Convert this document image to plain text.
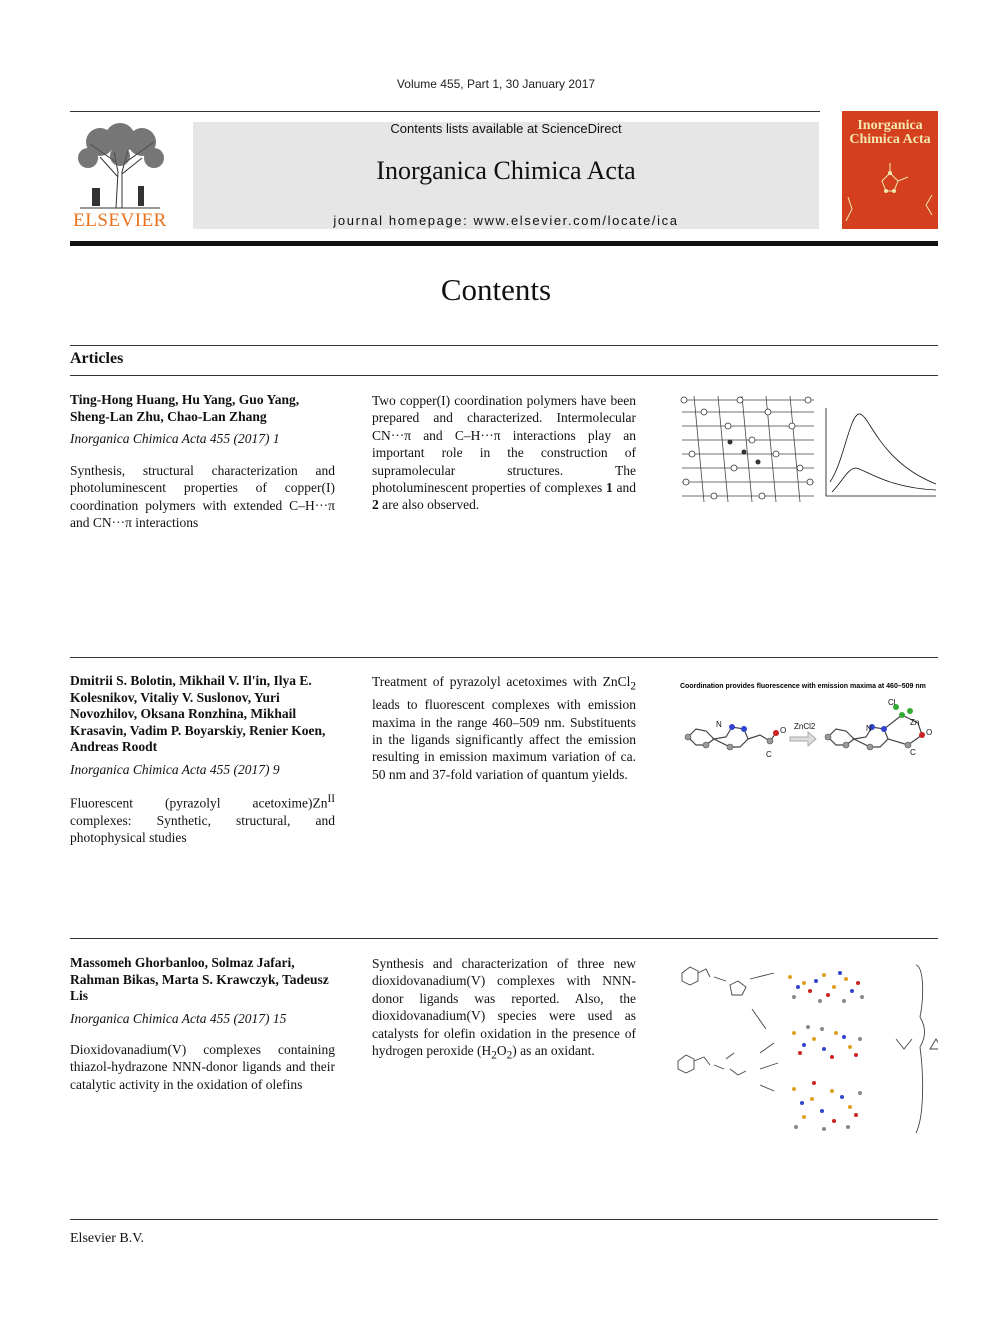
Volume 455, Part 1, 30 January 2017
ELSEVIER
Contents lists available at ScienceDirect
Inorganica Chimica Acta
journal homepage: www.elsevier.com/locate/ica
Inorganica
Chimica Acta
Contents
Articles
Ting-Hong Huang, Hu Yang, Guo Yang, Sheng-Lan Zhu, Chao-Lan Zhang
Inorganica Chimica Acta 455 (2017) 1
Synthesis, structural characterization and photoluminescent properties of copper(I) coordination polymers with extended C–H···π and CN···π interactions
Two copper(I) coordination polymers have been prepared and characterized. Intermolecular CN···π and C–H···π interactions play an important role in the construction of supramolecular structures. The photoluminescent properties of complexes 1 and 2 are also observed.
Dmitrii S. Bolotin, Mikhail V. Il'in, Ilya E. Kolesnikov, Vitaliy V. Suslonov, Yuri Novozhilov, Oksana Ronzhina, Mikhail Krasavin, Vadim P. Boyarskiy, Renier Koen, Andreas Roodt
Inorganica Chimica Acta 455 (2017) 9
Fluorescent (pyrazolyl $acetoxime)Zn^{II}$ complexes: Synthetic, structural, and photophysical studies
Treatment of pyrazolyl acetoximes with ZnCl$_2$ leads to fluorescent complexes with emission maxima in the range 460–509 nm. Substituents in the ligands significantly affect the emission resulting in emission maximum variation of ca. 50 nm and 37-fold variation of quantum yields.
Coordination provides fluorescence with emission maxima at 460–509 nm
N
O
C
ZnCl2
Cl
Zn
N	O
C
Massomeh Ghorbanloo, Solmaz Jafari, Rahman Bikas, Marta S. Krawczyk, Tadeusz Lis
Inorganica Chimica Acta 455 (2017) 15
Dioxidovanadium(V) complexes containing thiazol-hydrazone NNN-donor ligands and their catalytic activity in the oxidation of olefins
Synthesis and characterization of three new dioxidovanadium(V) complexes with NNN-donor ligands was reported. Also, the dioxidovanadium(V) species were used as catalysts for olefin oxidation in the presence of hydrogen peroxide $(H_2O_2)$ as an oxidant.
Elsevier B.V.
